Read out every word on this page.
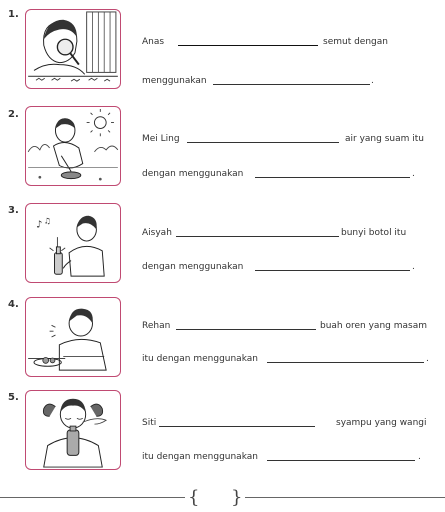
1.
Anas	semut dengan
menggunakan	.
2.
Mei Ling	air yang suam itu
dengan menggunakan	.
3.
♪ ♫
Aisyah	bunyi botol itu
dengan menggunakan	.
4.
Rehan	buah oren yang masam
itu dengan menggunakan	.
5.
Siti	syampu yang wangi
itu dengan menggunakan	.
{ }
